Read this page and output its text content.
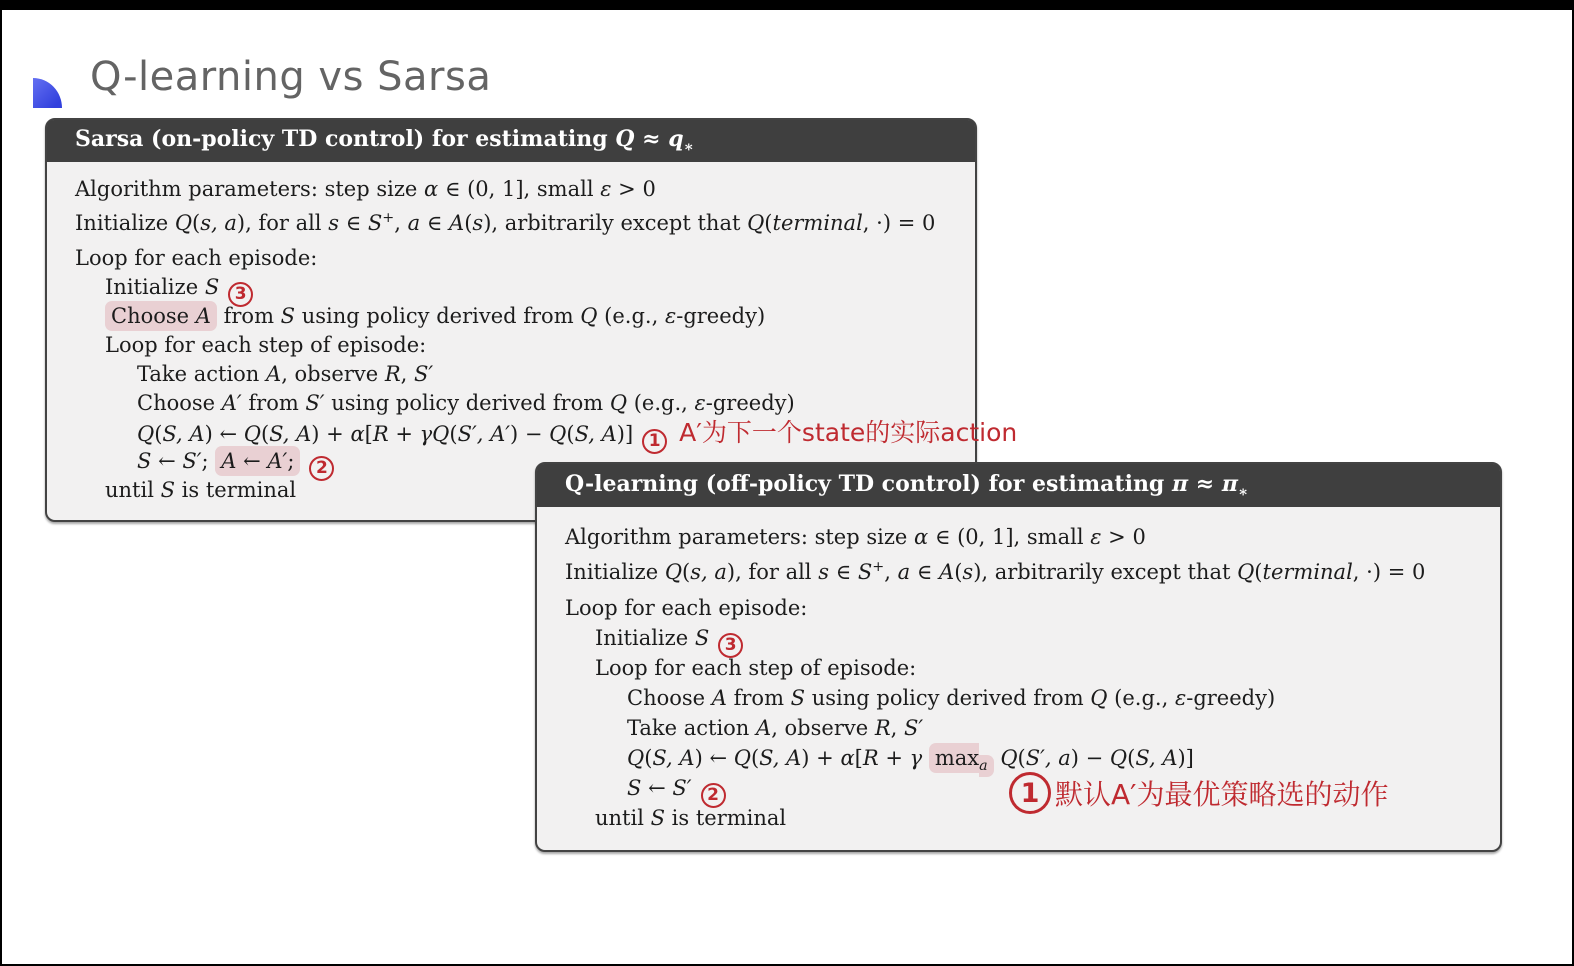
Q-learning vs Sarsa
Sarsa (on-policy TD control) for estimating $Q \approx q_∗$
Algorithm parameters: step size α ∈ (0, 1], small ε > 0
Initialize Q(s, a), for all s ∈ S+, a ∈ A(s), arbitrarily except that Q(terminal, ·) = 0
Loop for each episode:
Initialize S 3
Choose A from S using policy derived from Q (e.g., ε-greedy)
Loop for each step of episode:
Take action A, observe R, S′
Choose A′ from S′ using policy derived from Q (e.g., ε-greedy)
Q(S, A) ← Q(S, A) + α[R + γQ(S′, A′) − Q(S, A)] 1 A′为下一个state的实际action
S ← S′; A ← A′; 2
until S is terminal	Q-learning (off-policy TD control) for estimating $\pi \approx \pi_∗$
Algorithm parameters: step size α ∈ (0, 1], small ε > 0
Initialize Q(s, a), for all s ∈ S+, a ∈ A(s), arbitrarily except that Q(terminal, ·) = 0
Loop for each episode:
Initialize S 3
Loop for each step of episode:
Choose A from S using policy derived from Q (e.g., ε-greedy)
Take action A, observe R, S′
Q(S, A) ← Q(S, A) + α[R + γ $\max_a Q(S'$, a) − Q(S, A)]
S ← S′ 2
until S is terminal
1 默认A′为最优策略选的动作
